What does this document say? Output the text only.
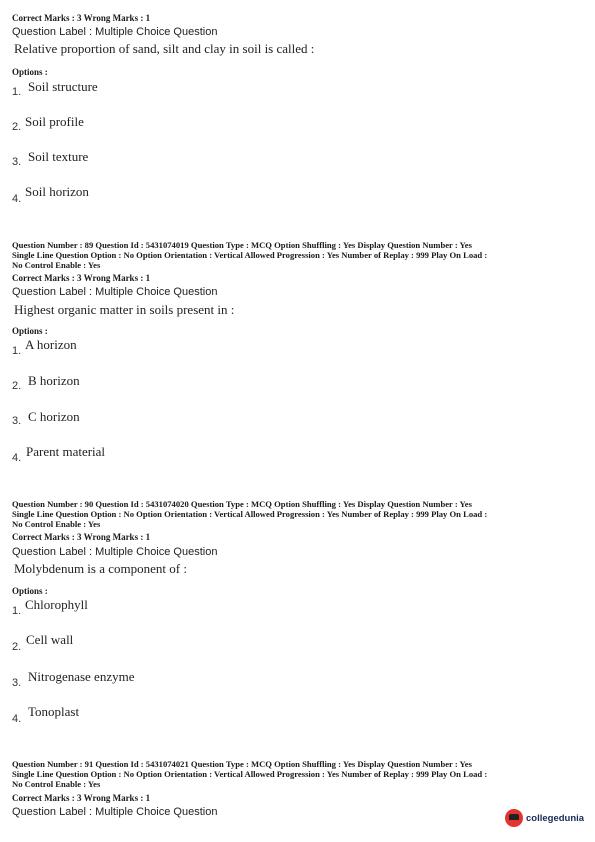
Correct Marks : 3 Wrong Marks : 1
Question Label : Multiple Choice Question
Relative proportion of sand, silt and clay in soil is called :
Options :
1. Soil structure
2. Soil profile
3. Soil texture
4. Soil horizon
Question Number : 89 Question Id : 5431074019 Question Type : MCQ Option Shuffling : Yes Display Question Number : Yes
Single Line Question Option : No Option Orientation : Vertical Allowed Progression : Yes Number of Replay : 999 Play On Load :
No Control Enable : Yes
Correct Marks : 3 Wrong Marks : 1
Question Label : Multiple Choice Question
Highest organic matter in soils present in :
Options :
1. A horizon
2. B horizon
3. C horizon
4. Parent material
Question Number : 90 Question Id : 5431074020 Question Type : MCQ Option Shuffling : Yes Display Question Number : Yes
Single Line Question Option : No Option Orientation : Vertical Allowed Progression : Yes Number of Replay : 999 Play On Load :
No Control Enable : Yes
Correct Marks : 3 Wrong Marks : 1
Question Label : Multiple Choice Question
Molybdenum is a component of :
Options :
1. Chlorophyll
2. Cell wall
3. Nitrogenase enzyme
4. Tonoplast
Question Number : 91 Question Id : 5431074021 Question Type : MCQ Option Shuffling : Yes Display Question Number : Yes
Single Line Question Option : No Option Orientation : Vertical Allowed Progression : Yes Number of Replay : 999 Play On Load :
No Control Enable : Yes
Correct Marks : 3 Wrong Marks : 1
Question Label : Multiple Choice Question	collegedunia
